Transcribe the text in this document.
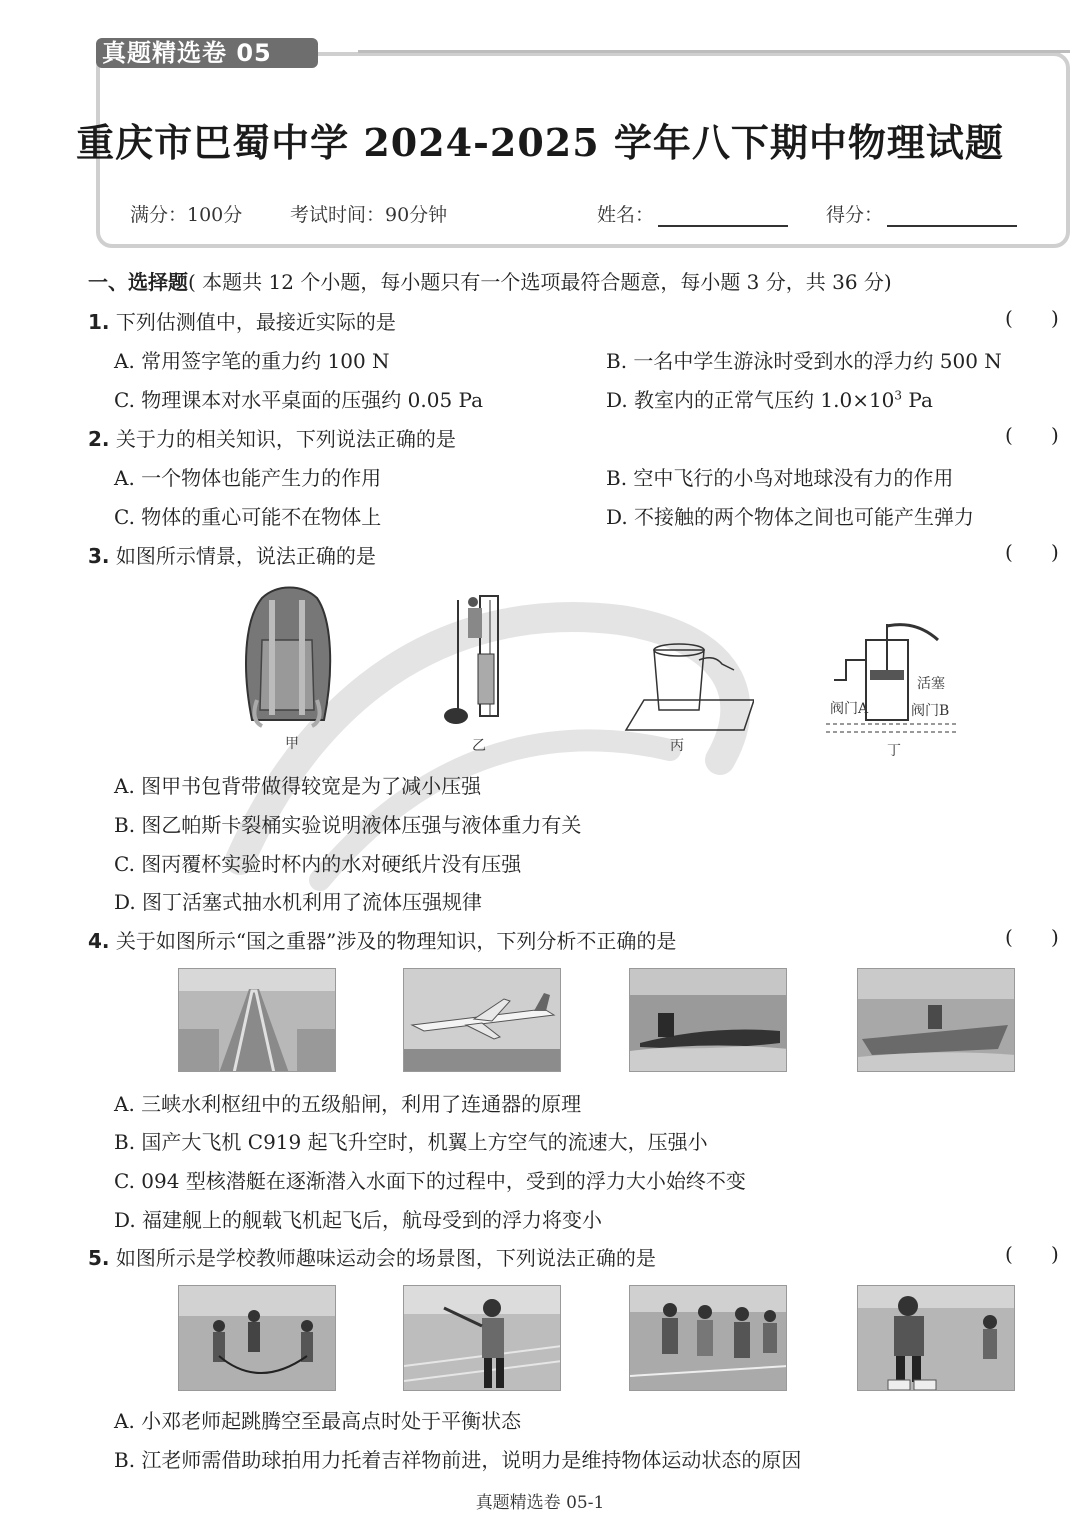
真题精选卷 05
重庆市巴蜀中学 2024-2025 学年八下期中物理试题
满分：100分	考试时间：90分钟	姓名：	得分：
一、选择题( 本题共 12 个小题，每小题只有一个选项最符合题意，每小题 3 分，共 36 分)
1. 下列估测值中，最接近实际的是	(      )
A. 常用签字笔的重力约 100 N	B. 一名中学生游泳时受到水的浮力约 500 N
C. 物理课本对水平桌面的压强约 0.05 Pa	D. 教室内的正常气压约 $1.0\times 10^3$ Pa
2. 关于力的相关知识，下列说法正确的是	(      )
A. 一个物体也能产生力的作用	B. 空中飞行的小鸟对地球没有力的作用
C. 物体的重心可能不在物体上	D. 不接触的两个物体之间也可能产生弹力
3. 如图所示情景，说法正确的是	(      )
甲	乙	丙
活塞
阀门A	阀门B
丁
A. 图甲书包背带做得较宽是为了减小压强
B. 图乙帕斯卡裂桶实验说明液体压强与液体重力有关
C. 图丙覆杯实验时杯内的水对硬纸片没有压强
D. 图丁活塞式抽水机利用了流体压强规律
4. 关于如图所示“国之重器”涉及的物理知识，下列分析不正确的是	(      )
A. 三峡水利枢纽中的五级船闸，利用了连通器的原理
B. 国产大飞机 C919 起飞升空时，机翼上方空气的流速大，压强小
C. 094 型核潜艇在逐渐潜入水面下的过程中，受到的浮力大小始终不变
D. 福建舰上的舰载飞机起飞后，航母受到的浮力将变小
5. 如图所示是学校教师趣味运动会的场景图，下列说法正确的是	(      )
A. 小邓老师起跳腾空至最高点时处于平衡状态
B. 江老师需借助球拍用力托着吉祥物前进，说明力是维持物体运动状态的原因
真题精选卷 05-1
